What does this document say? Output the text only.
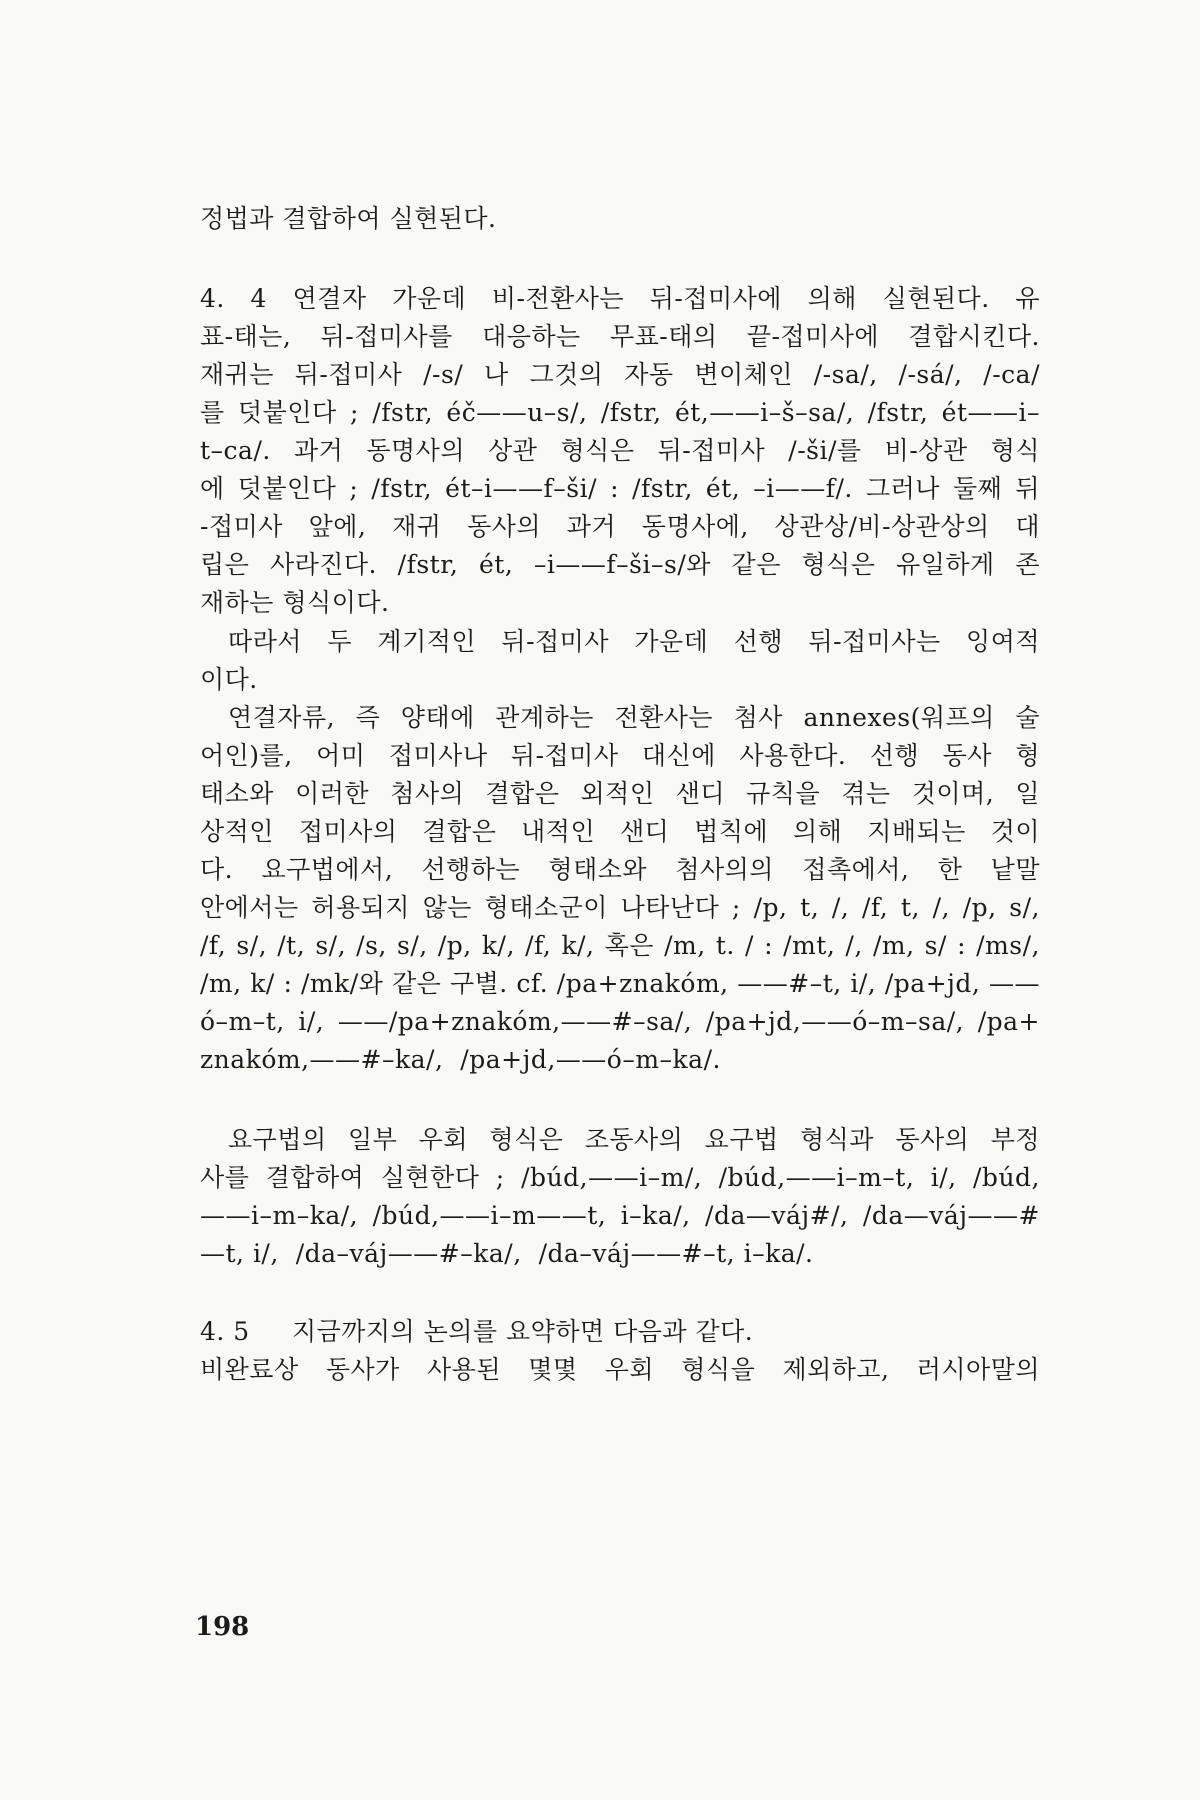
정법과 결합하여 실현된다.
4. 4 연결자 가운데 비-전환사는 뒤-접미사에 의해 실현된다. 유
표-태는, 뒤-접미사를 대응하는 무표-태의 끝-접미사에 결합시킨다.
재귀는 뒤-접미사 /-s/ 나 그것의 자동 변이체인 /-sa/, /-sá/, /-ca/
를 덧붙인다 ; /fstr, éč——u–s/, /fstr, ét,——i–š–sa/, /fstr, ét——i–
t–ca/. 과거 동명사의 상관 형식은 뒤-접미사 /-ši/를 비-상관 형식
에 덧붙인다 ; /fstr, ét–i——f–ši/ : /fstr, ét, –i——f/. 그러나 둘째 뒤
-접미사 앞에, 재귀 동사의 과거 동명사에, 상관상/비-상관상의 대
립은 사라진다. /fstr, ét, –i——f–ši–s/와 같은 형식은 유일하게 존
재하는 형식이다.
따라서 두 계기적인 뒤-접미사 가운데 선행 뒤-접미사는 잉여적
이다.
연결자류, 즉 양태에 관계하는 전환사는 첨사 annexes(워프의 술
어인)를, 어미 접미사나 뒤-접미사 대신에 사용한다. 선행 동사 형
태소와 이러한 첨사의 결합은 외적인 샌디 규칙을 겪는 것이며, 일
상적인 접미사의 결합은 내적인 샌디 법칙에 의해 지배되는 것이
다. 요구법에서, 선행하는 형태소와 첨사의의 접촉에서, 한 낱말
안에서는 허용되지 않는 형태소군이 나타난다 ; /p, t, /, /f, t, /, /p, s/,
/f, s/, /t, s/, /s, s/, /p, k/, /f, k/, 혹은 /m, t. / : /mt, /, /m, s/ : /ms/,
/m, k/ : /mk/와 같은 구별. cf. /pa+znakóm, ——#–t, i/, /pa+jd, ——
ó–m–t, i/, ——/pa+znakóm,——#–sa/, /pa+jd,——ó–m–sa/, /pa+
znakóm,——#–ka/,  /pa+jd,——ó–m–ka/.
요구법의 일부 우회 형식은 조동사의 요구법 형식과 동사의 부정
사를 결합하여 실현한다 ; /búd,——i–m/, /búd,——i–m–t, i/, /búd,
——i–m–ka/, /búd,——i–m——t, i–ka/, /da—váj#/, /da—váj——#
—t, i/,  /da–váj——#–ka/,  /da–váj——#–t, i–ka/.
4. 5     지금까지의 논의를 요약하면 다음과 같다.
비완료상 동사가 사용된 몇몇 우회 형식을 제외하고, 러시아말의
198
